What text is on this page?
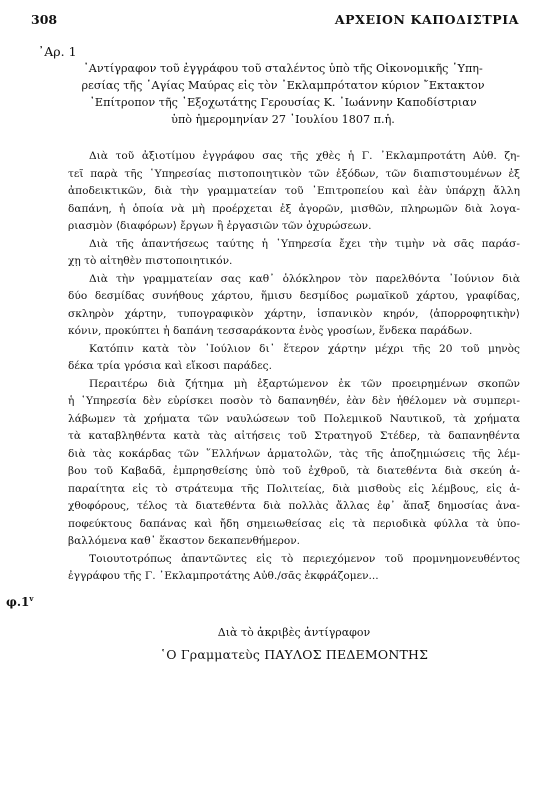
308	ΑΡΧΕΙΟΝ ΚΑΠΟΔΙΣΤΡΙΑ
᾿Αρ. 1
᾿Αντίγραφον τοῦ ἐγγράφου τοῦ σταλέντος ὑπὸ τῆς Οἰκονομικῆς ῾Υπη-
ρεσίας τῆς ῾Αγίας Μαύρας εἰς τὸν ᾿Εκλαμπρότατον κύριον ῎Εκτακτον
᾿Επίτροπον τῆς ᾿Εξοχωτάτης Γερουσίας Κ. ᾿Ιωάννην Καποδίστριαν
ὑπὸ ἡμερομηνίαν 27 ᾿Ιουλίου 1807 π.ἡ.
Διὰ τοῦ ἀξιοτίμου ἐγγράφου σας τῆς χθὲς ἡ Γ. ᾿Εκλαμπροτάτη Αὐθ. ζη-
τεῖ παρὰ τῆς ῾Υπηρεσίας πιστοποιητικὸν τῶν ἐξόδων, τῶν διαπιστουμένων ἐξ
ἀποδεικτικῶν, διὰ τὴν γραμματείαν τοῦ ᾿Επιτροπείου καὶ ἐὰν ὑπάρχῃ ἄλλη
δαπάνη, ἡ ὁποία νὰ μὴ προέρχεται ἐξ ἀγορῶν, μισθῶν, πληρωμῶν διὰ λογα-
ριασμὸν ⟨διαφόρων⟩ ἔργων ἢ ἐργασιῶν τῶν ὀχυρώσεων.
Διὰ τῆς ἀπαντήσεως ταύτης ἡ ῾Υπηρεσία ἔχει τὴν τιμὴν νὰ σᾶς παράσ-
χῃ τὸ αἰτηθὲν πιστοποιητικόν.
Διὰ τὴν γραμματείαν σας καθ᾿ ὁλόκληρον τὸν παρελθόντα ᾿Ιούνιον διὰ
δύο δεσμίδας συνήθους χάρτου, ἥμισυ δεσμίδος ρωμαϊκοῦ χάρτου, γραφίδας,
σκληρὸν χάρτην, τυπογραφικὸν χάρτην, ἱσπανικὸν κηρόν, ⟨ἀπορροφητικὴν⟩
κόνιν, προκύπτει ἡ δαπάνη τεσσαράκοντα ἑνὸς γροσίων, ἕνδεκα παράδων.
Κατόπιν κατὰ τὸν ᾿Ιούλιον δι᾿ ἕτερον χάρτην μέχρι τῆς 20 τοῦ μηνὸς
δέκα τρία γρόσια καὶ εἴκοσι παράδες.
Περαιτέρω διὰ ζήτημα μὴ ἐξαρτώμενον ἐκ τῶν προειρημένων σκοπῶν
ἡ ῾Υπηρεσία δὲν εὑρίσκει ποσὸν τὸ δαπανηθέν, ἐὰν δὲν ἠθέλομεν νὰ συμπερι-
λάβωμεν τὰ χρήματα τῶν ναυλώσεων τοῦ Πολεμικοῦ Ναυτικοῦ, τὰ χρήματα
τὰ καταβληθέντα κατὰ τὰς αἰτήσεις τοῦ Στρατηγοῦ Στέδερ, τὰ δαπανηθέντα
διὰ τὰς κοκάρδας τῶν ῞Ελλήνων ἁρματολῶν, τὰς τῆς ἀποζημιώσεις τῆς λέμ-
βου τοῦ Καβαδᾶ, ἐμπρησθείσης ὑπὸ τοῦ ἐχθροῦ, τὰ διατεθέντα διὰ σκεύη ἀ-
παραίτητα εἰς τὸ στράτευμα τῆς Πολιτείας, διὰ μισθοὺς εἰς λέμβους, εἰς ἀ-
χθοφόρους, τέλος τὰ διατεθέντα διὰ πολλὰς ἄλλας ἐφ᾿ ἅπαξ δημοσίας ἀνα-
ποφεύκτους δαπάνας καὶ ἤδη σημειωθείσας εἰς τὰ περιοδικὰ φύλλα τὰ ὑπο-
βαλλόμενα καθ᾿ ἕκαστον δεκαπενθήμερον.
Τοιουτοτρόπως ἀπαντῶντες εἰς τὸ περιεχόμενον τοῦ προμνημονευθέντος
ἐγγράφου τῆς Γ. ᾿Εκλαμπροτάτης Αὐθ./σᾶς ἐκφράζομεν...
φ.1$^v$
Διὰ τὸ ἀκριβὲς ἀντίγραφον
῾Ο Γραμματεὺς ΠΑΥΛΟΣ ΠΕΔΕΜΟΝΤΗΣ
